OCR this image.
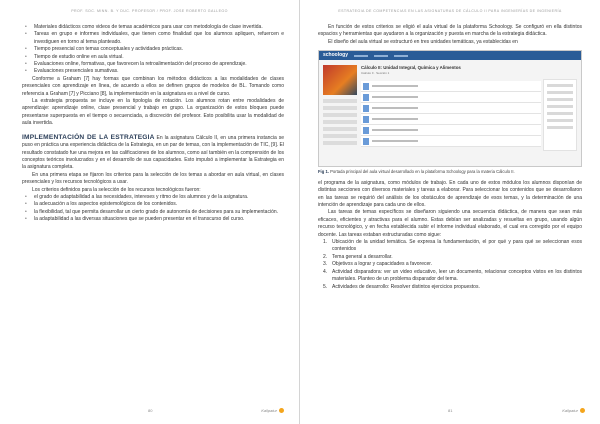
PROF. SOC. MINN. B. Y DUC. PROFESOR / PROF. JOSE ROBERTO GALLEGO
• Materiales didácticos como videos de temas académicos para usar con metodología de clase invertida.
• Tareas en grupo e informes individuales, que tienen como finalidad que los alumnos apliquen, refuercen e investiguen en torno al tema planteado.
• Tiempo presencial con temas conceptuales y actividades prácticas.
• Tiempo de estudio online en aula virtual.
• Evaluaciones online, formativas, que favorecen la retroalimentación del proceso de aprendizaje.
• Evaluaciones presenciales sumativas.

Conforme a Graham [7] hay formas que combinan los métodos didácticos a las modalidades de clases presenciales con aprendizaje en línea, de acuerdo a ellos se definen grupos de modelos de BL. Tomando como referencia a Graham [7] y Picciano [8], la implementación en la asignatura es a nivel de curso.

La estrategia propuesta se incluye en la tipología de rotación. Los alumnos rotan entre modalidades de aprendizaje: aprendizaje online, clase presencial y trabajo en grupo. La organización de estos bloques puede presentarse superpuesta en el tiempo o secuenciada, a discreción del profesor. Esto posibilita usar la modalidad de aula invertida.

IMPLEMENTACIÓN DE LA ESTRATEGIA En la asignatura Cálculo II, en una primera instancia se puso en práctica una experiencia didáctica de la Estrategia, en un par de temas, con la implementación de TIC, [9]. El resultado constatado fue una mejora en las calificaciones de los alumnos, como así también en la comprensión de los conceptos teóricos involucrados y en el desarrollo de sus capacidades. Esto impulsó a implementar la Estrategia en la asignatura completa.

En una primera etapa se fijaron los criterios para la selección de los temas a abordar en aula virtual, en clases presenciales y los recursos tecnológicos a usar.

Los criterios definidos para la selección de los recursos tecnológicos fueron:

• el grado de adaptabilidad a las necesidades, intereses y ritmo de los alumnos y de la asignatura.
• la adecuación a los aspectos epistemológicos de los contenidos.
• la flexibilidad, tal que permita desarrollar un cierto grado de autonomía de decisiones para su implementación.
• la adaptabilidad a las diversas situaciones que se pueden presentar en el transcurso del curso.
80	Kallpatur
ESTRATEGIA DE COMPETENCIAS EN LAS ASIGNATURAS DE CÁLCULO II PARA INGENIERÍAS DE INGENIERÍA

En función de estos criterios se eligió el aula virtual de la plataforma Schoology. Se configuró en ella distintos espacios y herramientas que ayudaron a la organización y puesta en marcha de la estrategia didáctica.

El diseño del aula virtual se estructuró en tres unidades temáticas, ya establecidas en

schoology
Cálculo II: Unidad Integral, Química y Alimentos
Cálculo II · Sección 1

Fig 1. Portada principal del aula virtual desarrollado en la plataforma Schoology para la materia Cálculo II.

el programa de la asignatura, como módulos de trabajo. En cada uno de estos módulos los alumnos disponían de distintas secciones con diversos materiales y tareas a elaborar. Para seleccionar los contenidos que se desarrollaron en las tareas se requirió del análisis de los obstáculos de aprendizaje de esos temas, y la determinación de una intención de aprendizaje para cada uno de ellos.

Las tareas de temas específicos se diseñaron siguiendo una secuencia didáctica, de manera que sean más eficaces, eficientes y atractivas para el alumno. Estas debían ser analizadas y resueltas en grupo, usando algún recurso tecnológico, y en fecha establecida subir el informe individual elaborado, el cual era corregido por el equipo docente. Las tareas estaban estructuradas como sigue:

1. Ubicación de la unidad temática. Se expresa la fundamentación, el por qué y para qué se seleccionan esos contenidos
2. Tema general a desarrollar.
3. Objetivos a lograr y capacidades a favorecer.
4. Actividad disparadora: ver un video educativo, leer un documento, relacionar conceptos vistos en los distintos materiales. Planteo de un problema disparador del tema.
5. Actividades de desarrollo: Resolver distintos ejercicios propuestos.
81	Kallpatur
